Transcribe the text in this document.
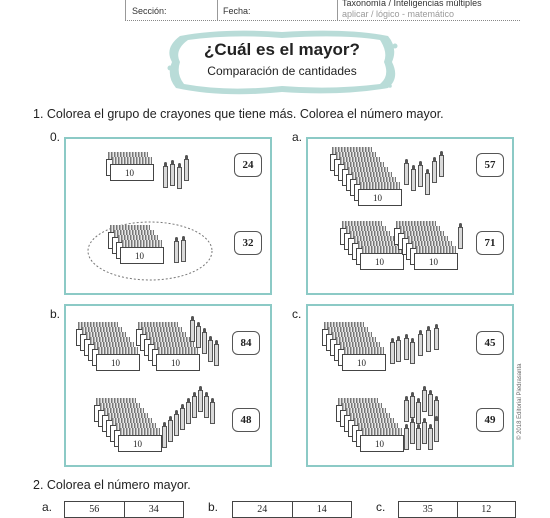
Sección:	Fecha:
Taxonomía / Inteligencias múltiples
aplicar / lógico - matemático
¿Cuál es el mayor?
Comparación de cantidades
1. Colorea el grupo de crayones que tiene más. Colorea el número mayor.
0.	a.
b.	c.
24
32
10
10
57
71
10
10	10
84
48
10	10
10
45
49
10
10
2. Colorea el número mayor.
a.	56	34	b.	24	14	c.	35	12
© 2018 Editorial Piedrasanta
